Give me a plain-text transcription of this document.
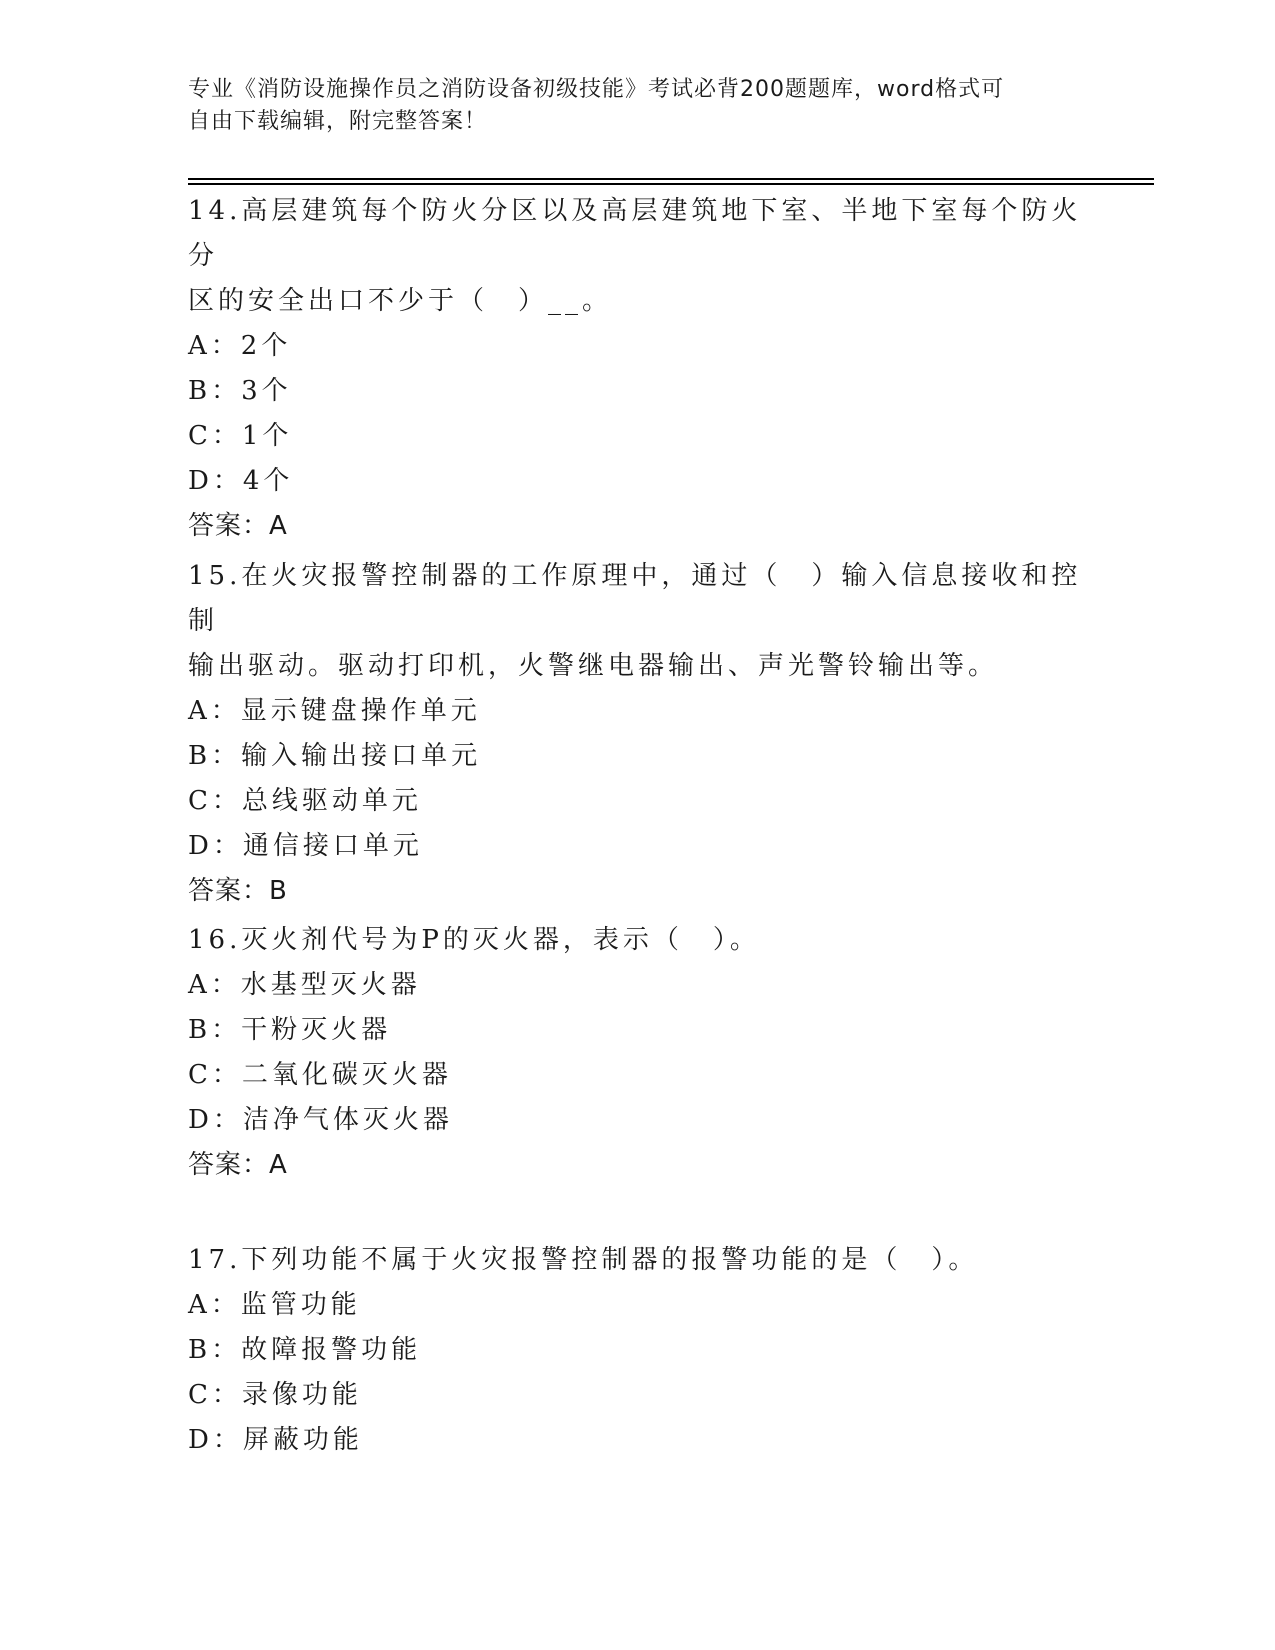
专业《消防设施操作员之消防设备初级技能》考试必背200题题库，word格式可
自由下载编辑，附完整答案！
14.高层建筑每个防火分区以及高层建筑地下室、半地下室每个防火分
区的安全出口不少于（　）__。
A：2个
B：3个
C：1个
D：4个
答案：A
15.在火灾报警控制器的工作原理中，通过（　）输入信息接收和控制
输出驱动。驱动打印机，火警继电器输出、声光警铃输出等。
A：显示键盘操作单元
B：输入输出接口单元
C：总线驱动单元
D：通信接口单元
答案：B
16.灭火剂代号为P的灭火器，表示（　）。
A：水基型灭火器
B：干粉灭火器
C：二氧化碳灭火器
D：洁净气体灭火器
答案：A
17.下列功能不属于火灾报警控制器的报警功能的是（　）。
A：监管功能
B：故障报警功能
C：录像功能
D：屏蔽功能
